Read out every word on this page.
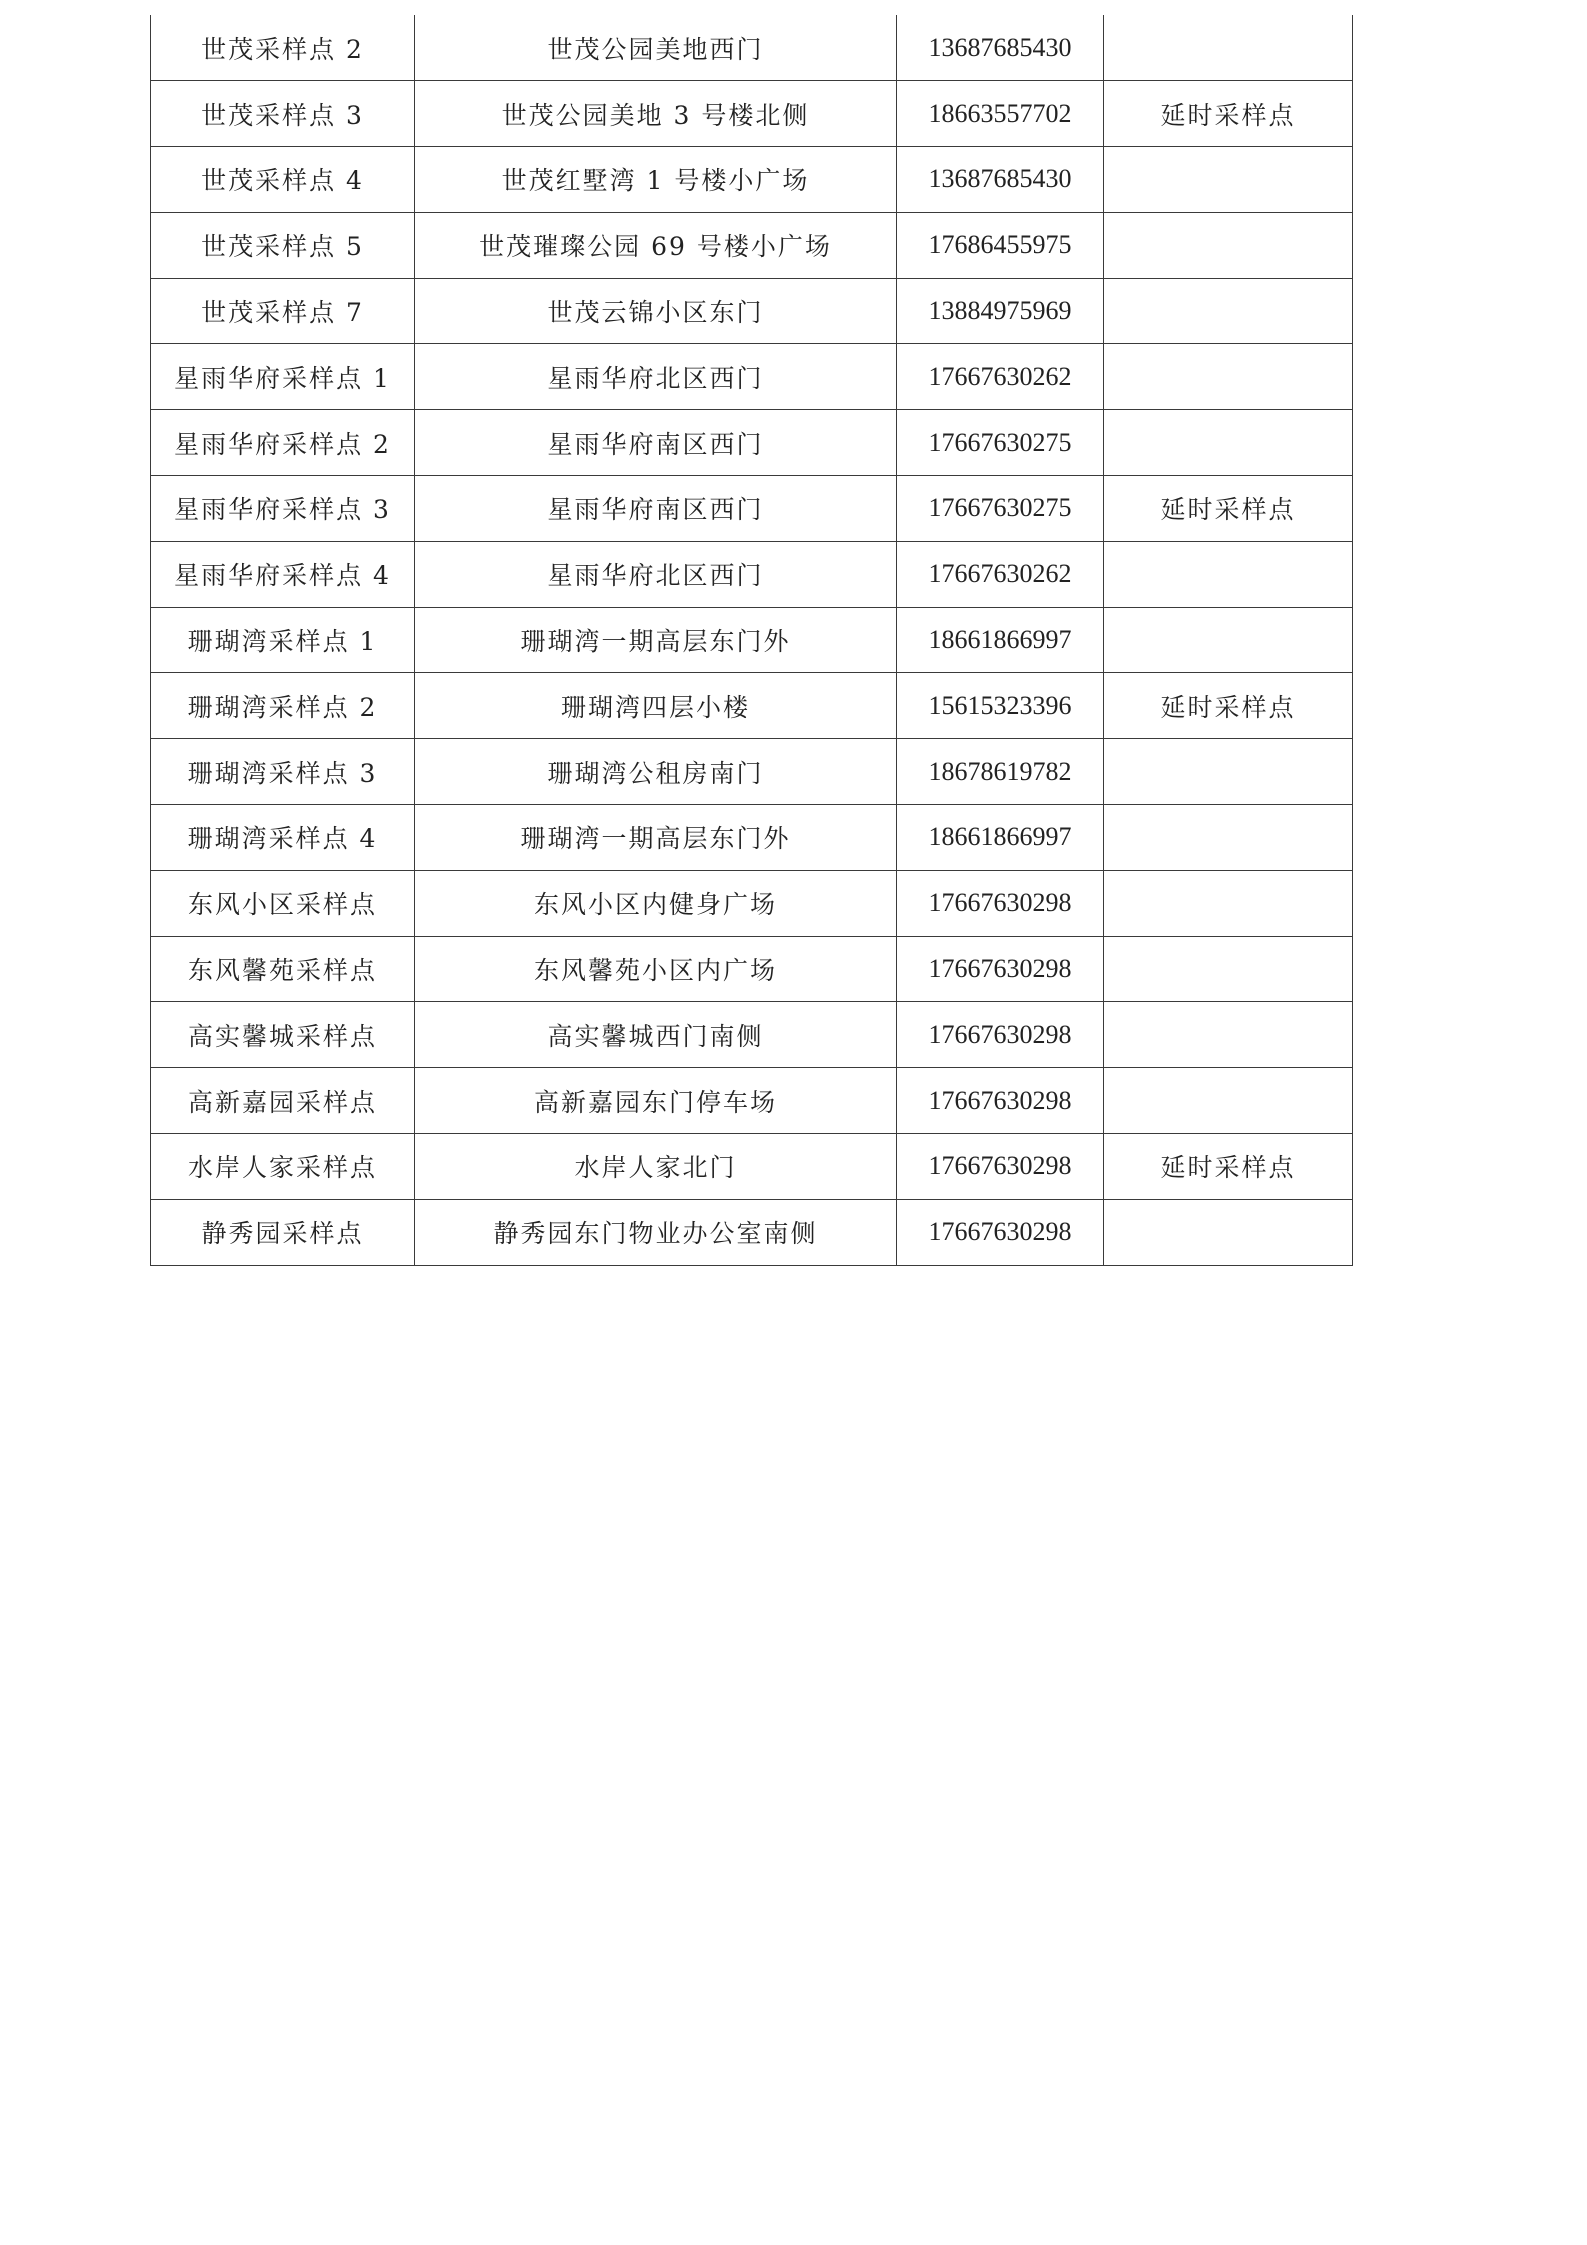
世茂采样点 2	世茂公园美地西门	13687685430	
世茂采样点 3	世茂公园美地 3 号楼北侧	18663557702	延时采样点
世茂采样点 4	世茂红墅湾 1 号楼小广场	13687685430	
世茂采样点 5	世茂璀璨公园 69 号楼小广场	17686455975	
世茂采样点 7	世茂云锦小区东门	13884975969	
星雨华府采样点 1	星雨华府北区西门	17667630262	
星雨华府采样点 2	星雨华府南区西门	17667630275	
星雨华府采样点 3	星雨华府南区西门	17667630275	延时采样点
星雨华府采样点 4	星雨华府北区西门	17667630262	
珊瑚湾采样点 1	珊瑚湾一期高层东门外	18661866997	
珊瑚湾采样点 2	珊瑚湾四层小楼	15615323396	延时采样点
珊瑚湾采样点 3	珊瑚湾公租房南门	18678619782	
珊瑚湾采样点 4	珊瑚湾一期高层东门外	18661866997	
东风小区采样点	东风小区内健身广场	17667630298	
东风馨苑采样点	东风馨苑小区内广场	17667630298	
高实馨城采样点	高实馨城西门南侧	17667630298	
高新嘉园采样点	高新嘉园东门停车场	17667630298	
水岸人家采样点	水岸人家北门	17667630298	延时采样点
静秀园采样点	静秀园东门物业办公室南侧	17667630298	
